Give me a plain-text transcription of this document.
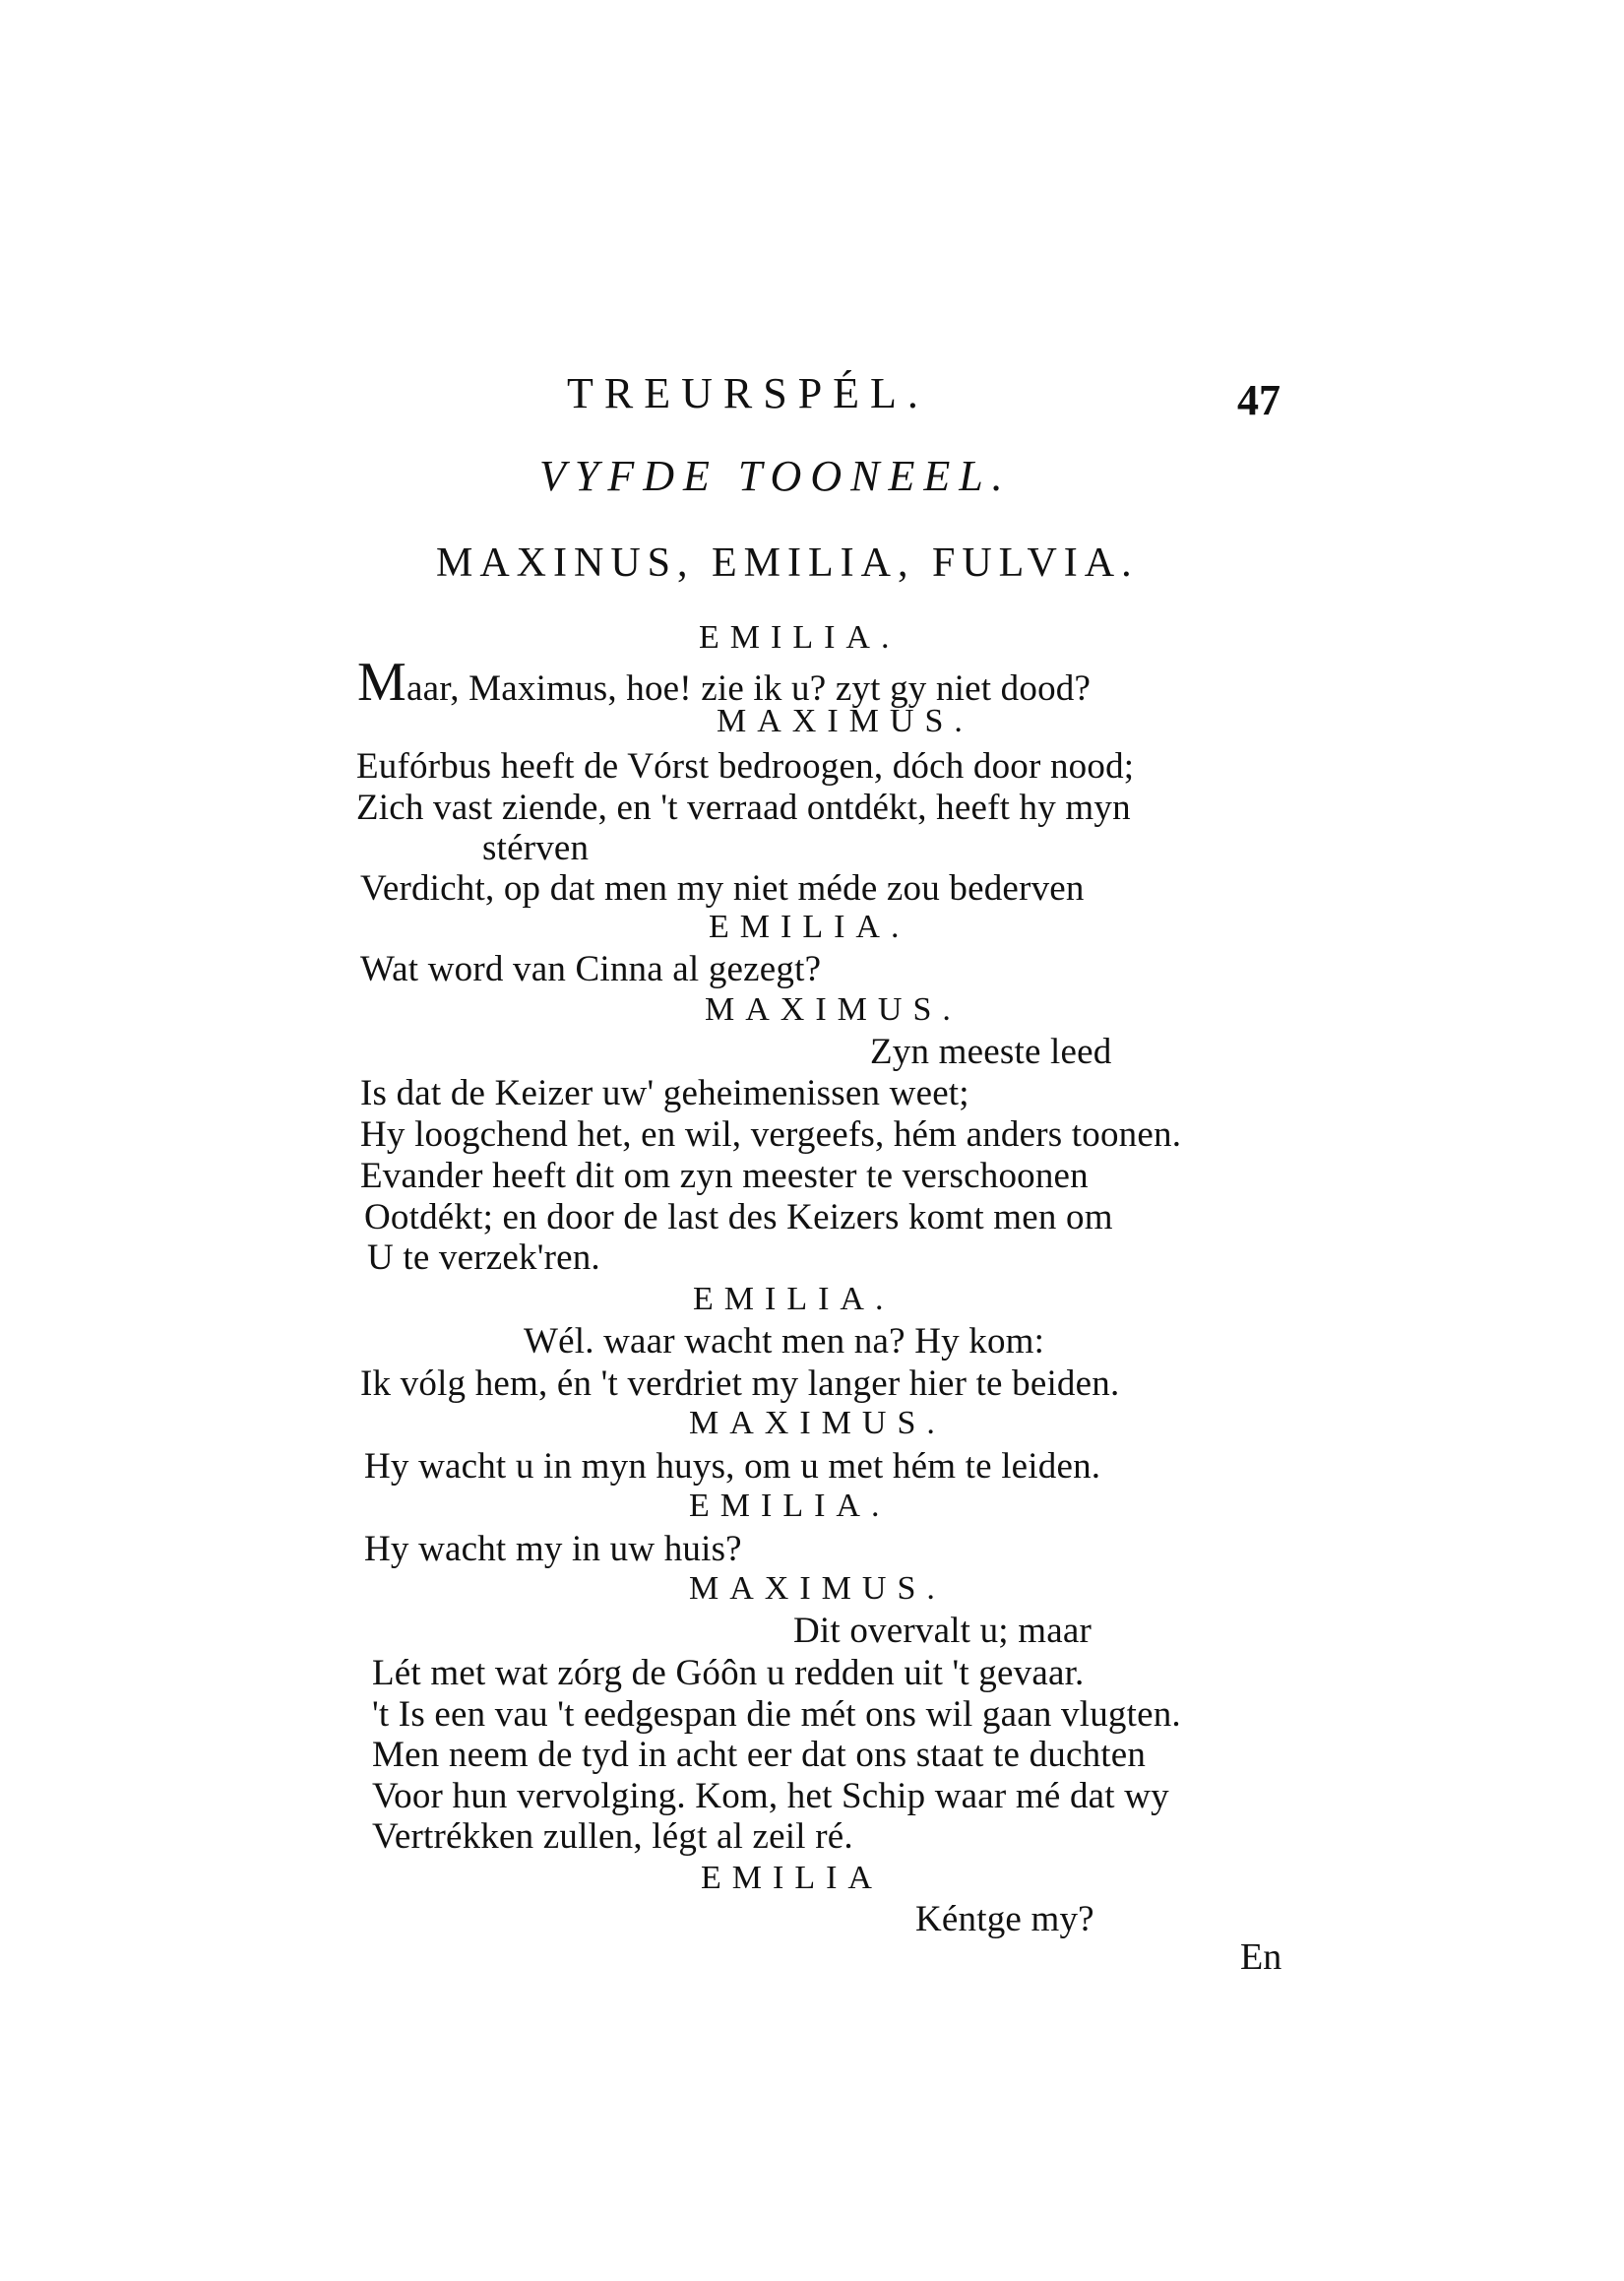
TREURSPÉL.	47
VYFDE TOONEEL.
MAXINUS, EMILIA, FULVIA.
EMILIA.
Maar, Maximus, hoe! zie ik u? zyt gy niet dood?
MAXIMUS.
Eufórbus heeft de Vórst bedroogen, dóch door nood;
Zich vast ziende, en 't verraad ontdékt, heeft hy myn
stérven
Verdicht, op dat men my niet méde zou bederven
EMILIA.
Wat word van Cinna al gezegt?
MAXIMUS.
Zyn meeste leed
Is dat de Keizer uw' geheimenissen weet;
Hy loogchend het, en wil, vergeefs, hém anders toonen.
Evander heeft dit om zyn meester te verschoonen
Ootdékt; en door de last des Keizers komt men om
U te verzek'ren.
EMILIA.
Wél. waar wacht men na? Hy kom:
Ik vólg hem, én 't verdriet my langer hier te beiden.
MAXIMUS.
Hy wacht u in myn huys, om u met hém te leiden.
EMILIA.
Hy wacht my in uw huis?
MAXIMUS.
Dit overvalt u; maar
Lét met wat zórg de Góôn u redden uit 't gevaar.
't Is een vau 't eedgespan die mét ons wil gaan vlugten.
Men neem de tyd in acht eer dat ons staat te duchten
Voor hun vervolging. Kom, het Schip waar mé dat wy
Vertrékken zullen, légt al zeil ré.
EMILIA
Kéntge my?
En
